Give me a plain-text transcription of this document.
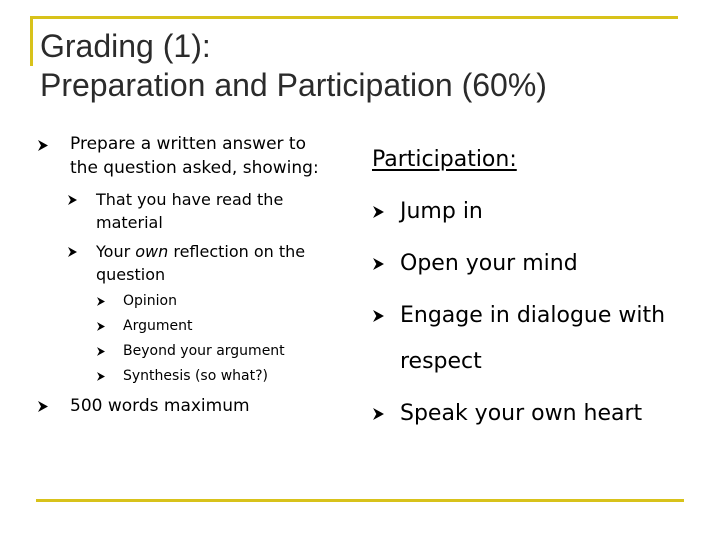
Grading (1):
Preparation and Participation (60%)
Prepare a written answer to
the question asked, showing:
That you have read the
material
Your own reflection on the
question
Opinion
Argument
Beyond your argument
Synthesis (so what?)
500 words maximum
Participation:
Jump in
Open your mind
Engage in dialogue with
respect
Speak your own heart
